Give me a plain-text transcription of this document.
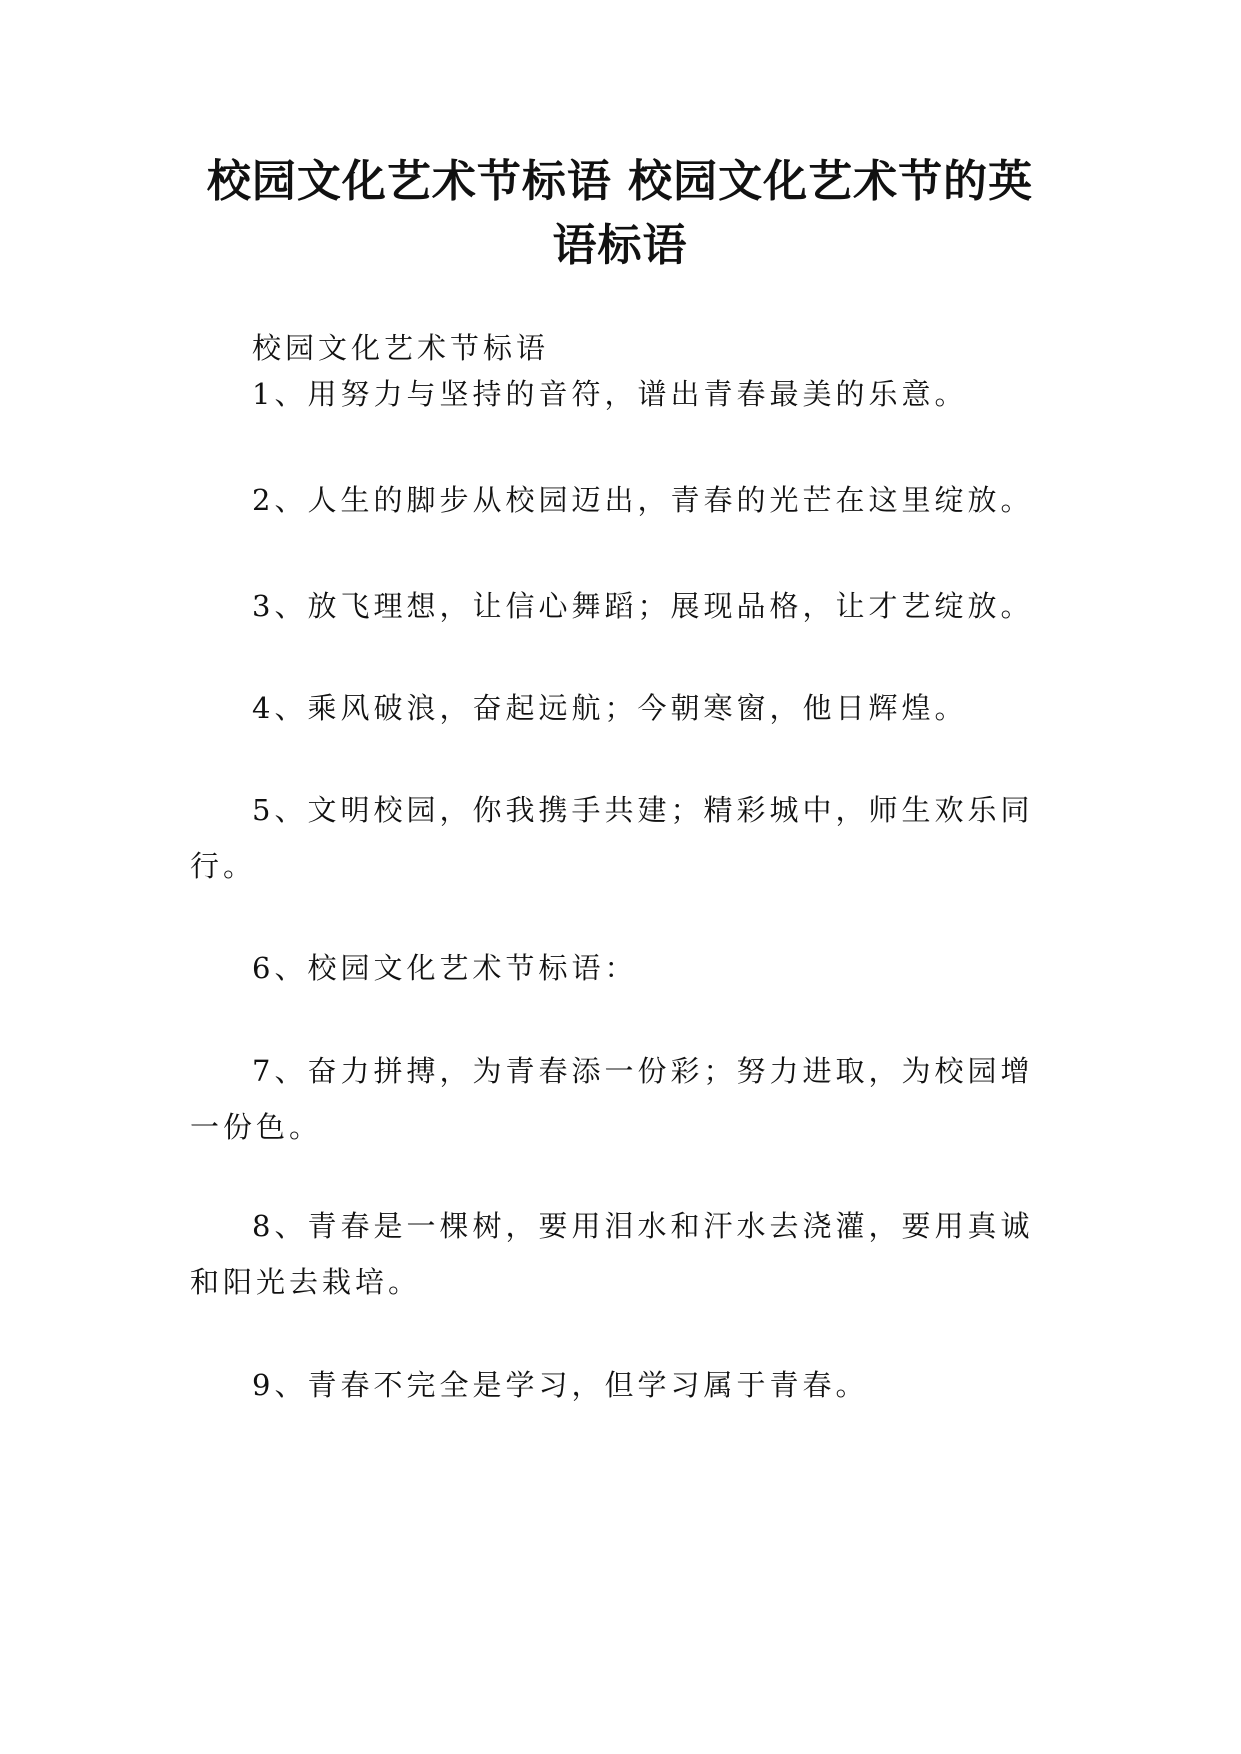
校园文化艺术节标语 校园文化艺术节的英
语标语

校园文化艺术节标语

1、用努力与坚持的音符，谱出青春最美的乐意。

2、人生的脚步从校园迈出，青春的光芒在这里绽放。

3、放飞理想，让信心舞蹈；展现品格，让才艺绽放。

4、乘风破浪，奋起远航；今朝寒窗，他日辉煌。

5、文明校园，你我携手共建；精彩城中，师生欢乐同行。

6、校园文化艺术节标语：

7、奋力拼搏，为青春添一份彩；努力进取，为校园增一份色。

8、青春是一棵树，要用泪水和汗水去浇灌，要用真诚和阳光去栽培。

9、青春不完全是学习，但学习属于青春。
